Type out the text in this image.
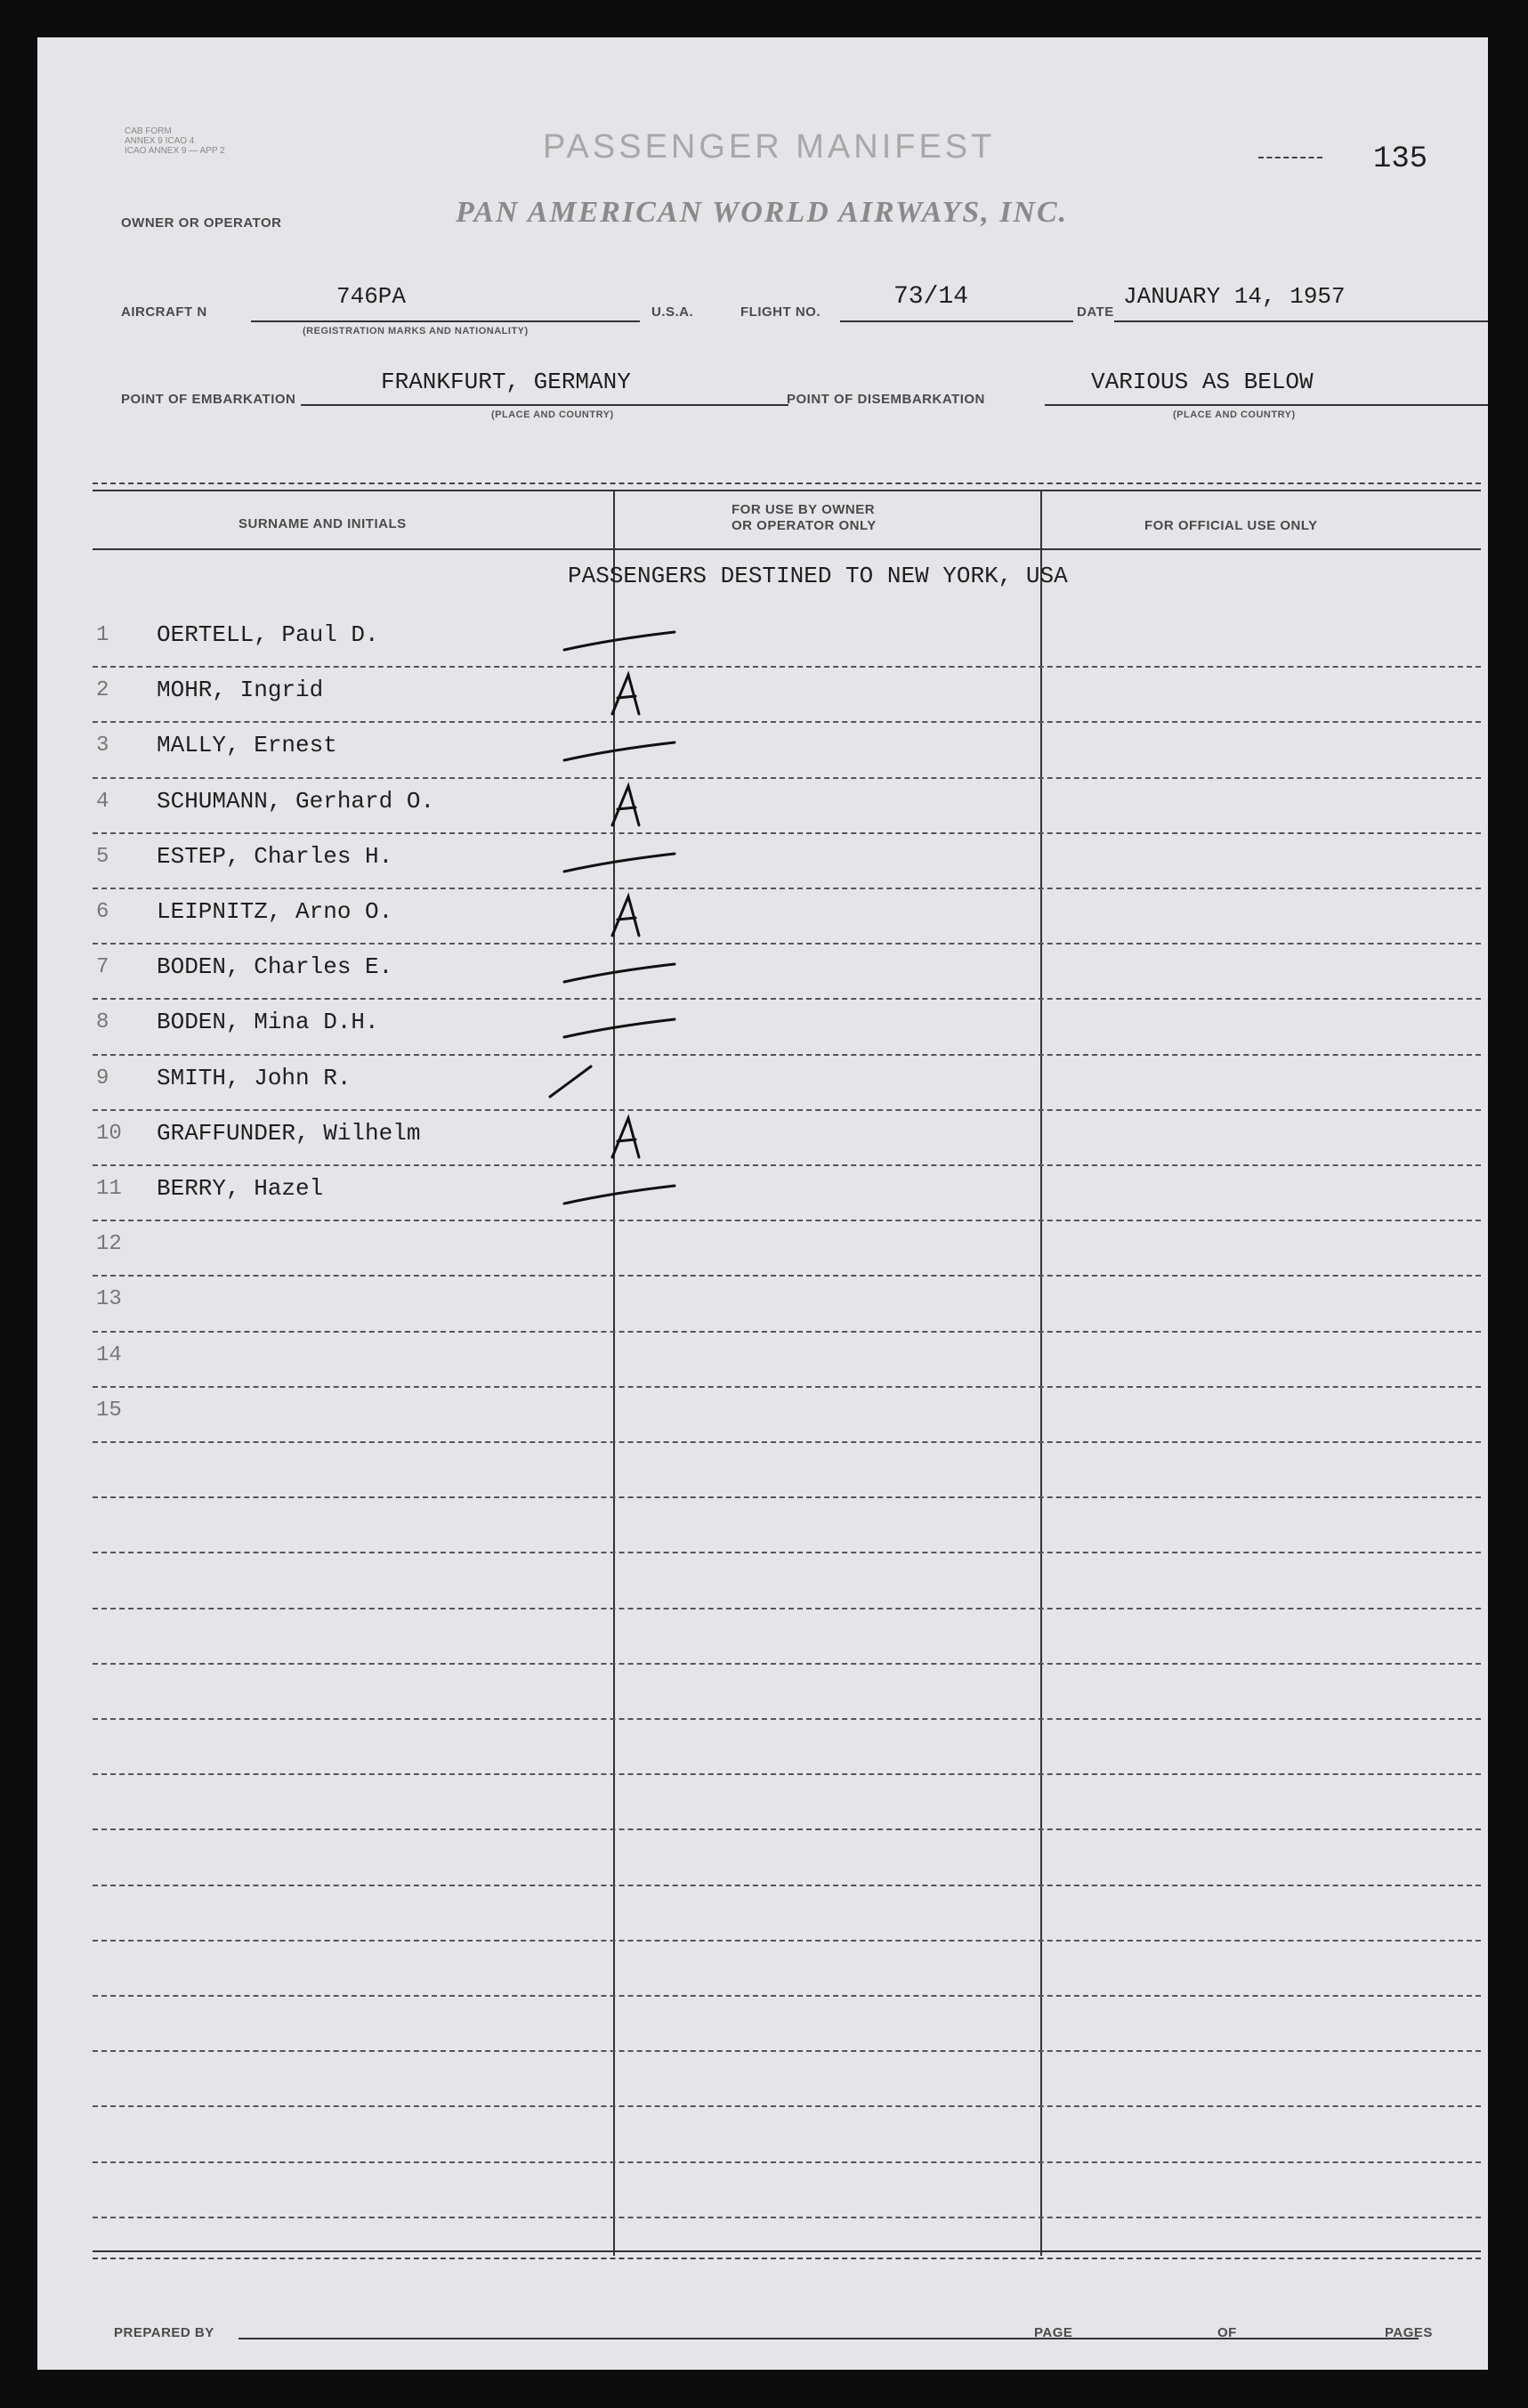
CAB FORM
ANNEX 9 ICAO 4
ICAO ANNEX 9 — APP 2	PASSENGER MANIFEST	135
OWNER OR OPERATOR	PAN AMERICAN WORLD AIRWAYS, INC.
AIRCRAFT N
746PA
(REGISTRATION MARKS AND NATIONALITY)
U.S.A.	FLIGHT NO.
73/14
DATE
JANUARY 14, 1957
POINT OF EMBARKATION
FRANKFURT, GERMANY
(PLACE AND COUNTRY)
POINT OF DISEMBARKATION
VARIOUS AS BELOW
(PLACE AND COUNTRY)
SURNAME AND INITIALS
FOR USE BY OWNER
OR OPERATOR ONLY	FOR OFFICIAL USE ONLY
PASSENGERS DESTINED TO NEW YORK, USA
1 OERTELL, Paul D.
2 MOHR, Ingrid
3 MALLY, Ernest
4 SCHUMANN, Gerhard O.
5 ESTEP, Charles H.
6 LEIPNITZ, Arno O.
7 BODEN, Charles E.
8 BODEN, Mina D.H.
9 SMITH, John R.
10 GRAFFUNDER, Wilhelm
11 BERRY, Hazel
12
13
14
15
PREPARED BY	PAGE	OF	PAGES
